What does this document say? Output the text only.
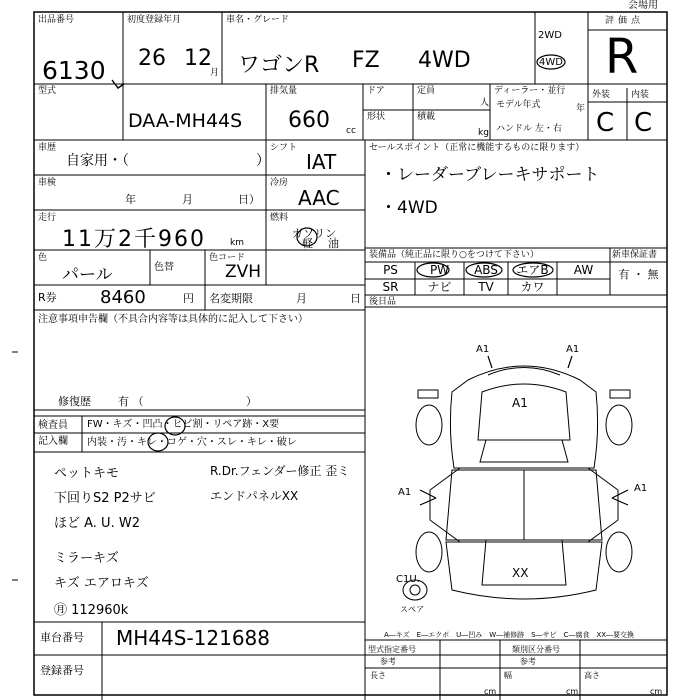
会場用
出品番号
6130
初度登録年月
26 12
月
車名・グレード
ワゴンR FZ 4WD
2WD
4WD
評価点
R
型式
DAA-MH44S
排気量
660 cc
ドア	定員
人
ディーラー・並行
モデル年式	年
ハンドル 左・右
形状	積載
kg
外装 内装
C C
車歴
自家用・（	）
シフト
IAT
セールスポイント（正常に機能するものに限ります）
・レーダーブレーキサポート
・4WD
車検
年	月	日）
冷房
AAC
走行
11万2千960	km
燃料
ガソリン
軽 油
色
パール	色替
色コード
ZVH
装備品（純正品に限り○をつけて下さい）	新車保証書
PS	PW	ABS	エアB	AW
SR	ナビ	TV	カワ
有 ・ 無
R券 8460	円 名変期限	月	日 後日品
注意事項申告欄（不具合内容等は具体的に記入して下さい）
修復歴 有 （	）
検査員
記入欄
FW・キズ・凹凸・ヒビ割・リペア跡・X要
内装・汚・キレ・コゲ・穴・スレ・キレ・破レ
ペットキモ
下回りS2 P2サビ
ほど A. U. W2
ミラーキズ
キズ エアロキズ
㊊ 112960k
R.Dr.フェンダー修正 歪ミ
エンドパネルXX
A1	A1
A1
A1	A1
C1U.	XX
スペア
車台番号 MH44S-121688
登録番号
A―キズ　E―エクボ　U―凹み　W―補修跡　S―サビ　C―腐食　XX―要交換
型式指定番号	類別区分番号
参考	参考
長さ
cm
幅
cm
高さ
cm
